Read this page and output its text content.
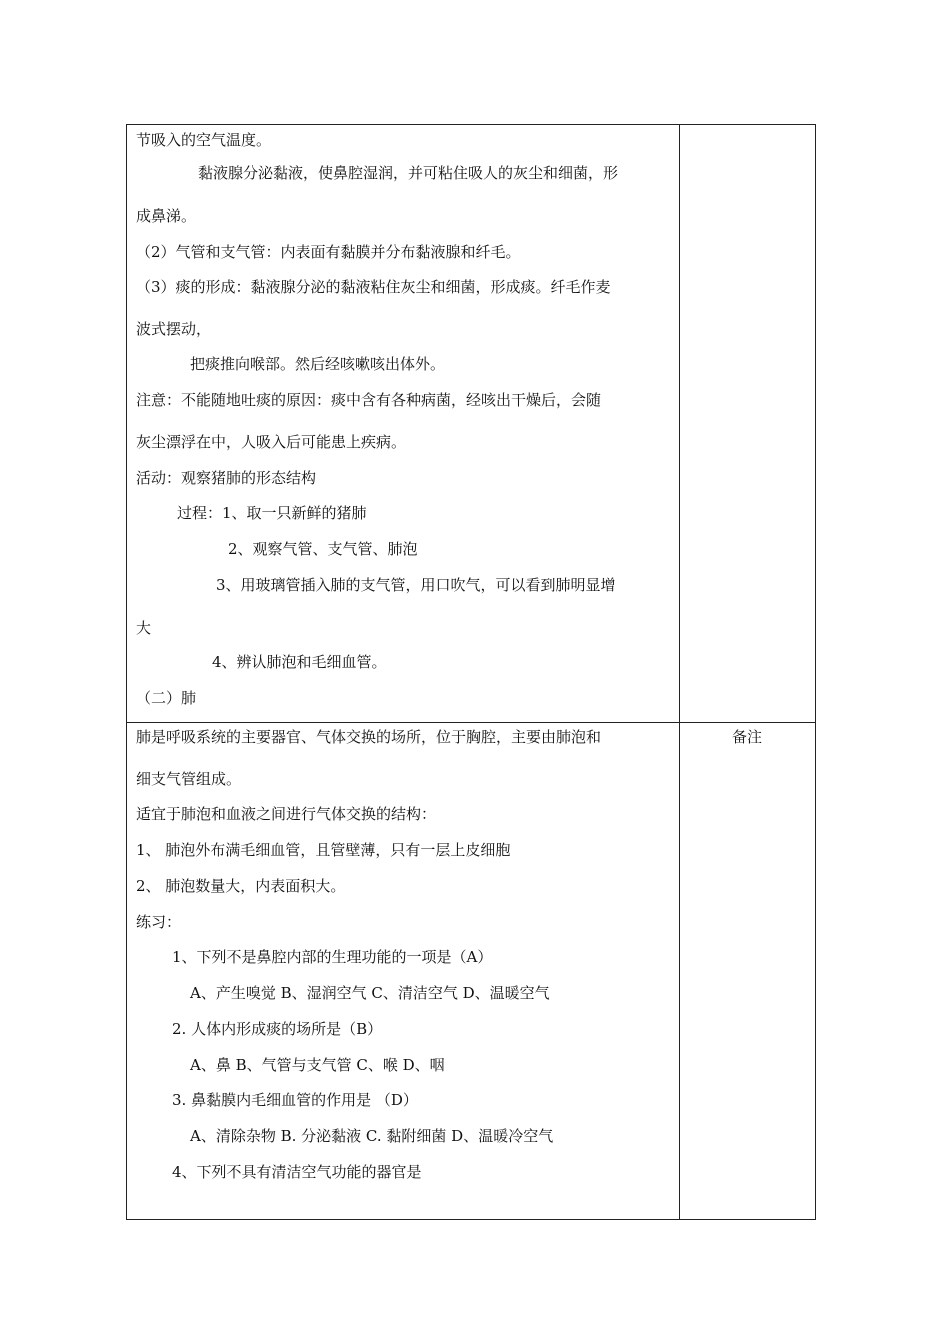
节吸入的空气温度。
黏液腺分泌黏液，使鼻腔湿润，并可粘住吸人的灰尘和细菌，形
成鼻涕。
（2）气管和支气管：内表面有黏膜并分布黏液腺和纤毛。
（3）痰的形成：黏液腺分泌的黏液粘住灰尘和细菌，形成痰。纤毛作麦
波式摆动，
把痰推向喉部。然后经咳嗽咳出体外。
注意：不能随地吐痰的原因：痰中含有各种病菌，经咳出干燥后，会随
灰尘漂浮在中，人吸入后可能患上疾病。
活动：观察猪肺的形态结构
过程：1、取一只新鲜的猪肺
2、观察气管、支气管、肺泡
3、用玻璃管插入肺的支气管，用口吹气，可以看到肺明显增
大
4、辨认肺泡和毛细血管。
（二）肺
备注
肺是呼吸系统的主要器官、气体交换的场所，位于胸腔，主要由肺泡和
细支气管组成。
适宜于肺泡和血液之间进行气体交换的结构：
1、 肺泡外布满毛细血管，且管壁薄，只有一层上皮细胞
2、 肺泡数量大，内表面积大。
练习：
1、下列不是鼻腔内部的生理功能的一项是（A）
A、产生嗅觉 B、湿润空气 C、清洁空气 D、温暖空气
2. 人体内形成痰的场所是（B）
A、鼻 B、气管与支气管 C、喉 D、咽
3. 鼻黏膜内毛细血管的作用是 （D）
A、清除杂物 B. 分泌黏液 C. 黏附细菌 D、温暖冷空气
4、下列不具有清洁空气功能的器官是
